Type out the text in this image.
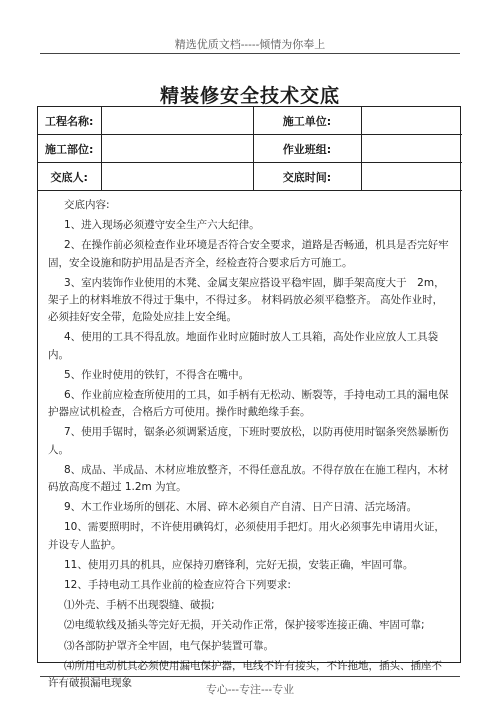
精选优质文档-----倾情为你奉上
精装修安全技术交底
工程名称:		施工单位:	
施工部位:		作业班组:	
交底人:		交底时间:	

交底内容:

1、进入现场必须遵守安全生产六大纪律。

2、在操作前必须检查作业环境是否符合安全要求，道路是否畅通，机具是否完好牢固，安全设施和防护用品是否齐全，经检查符合要求后方可施工。

3、室内装饰作业使用的木凳、金属支架应搭设平稳牢固，脚手架高度大于　2m，架子上的材料堆放不得过于集中，不得过多。 材料码放必须平稳整齐。 高处作业时，必须挂好安全带，危险处应挂上安全绳。

4、使用的工具不得乱放。地面作业时应随时放人工具箱，高处作业应放人工具袋内。

5、作业时使用的铁钉，不得含在嘴中。

6、作业前应检查所使用的工具，如手柄有无松动、断裂等，手持电动工具的漏电保护器应试机检查，合格后方可使用。操作时戴绝缘手套。

7、使用手锯时，锯条必须调紧适度，下班时要放松，以防再使用时锯条突然暴断伤人。

8、成品、半成品、木材应堆放整齐，不得任意乱放。不得存放在在施工程内，木材码放高度不超过 1.2m 为宜。

9、木工作业场所的刨花、木屑、碎木必须自产自清、日产日清、活完场清。

10、需要照明时，不许使用碘钨灯，必须使用手把灯。用火必须事先申请用火证，并设专人监护。

11、使用刃具的机具，应保持刃磨锋利，完好无损，安装正确，牢固可靠。

12、手持电动工具作业前的检查应符合下列要求:

⑴外壳、手柄不出现裂缝、破损;

⑵电缆软线及插头等完好无损，开关动作正常，保护接零连接正确、牢固可靠;

⑶各部防护罩齐全牢固，电气保护装置可靠。

⑷所用电动机具必须使用漏电保护器，电线不许有接头，不许拖地，插头、插座不许有破损漏电现象	专心---专注---专业
